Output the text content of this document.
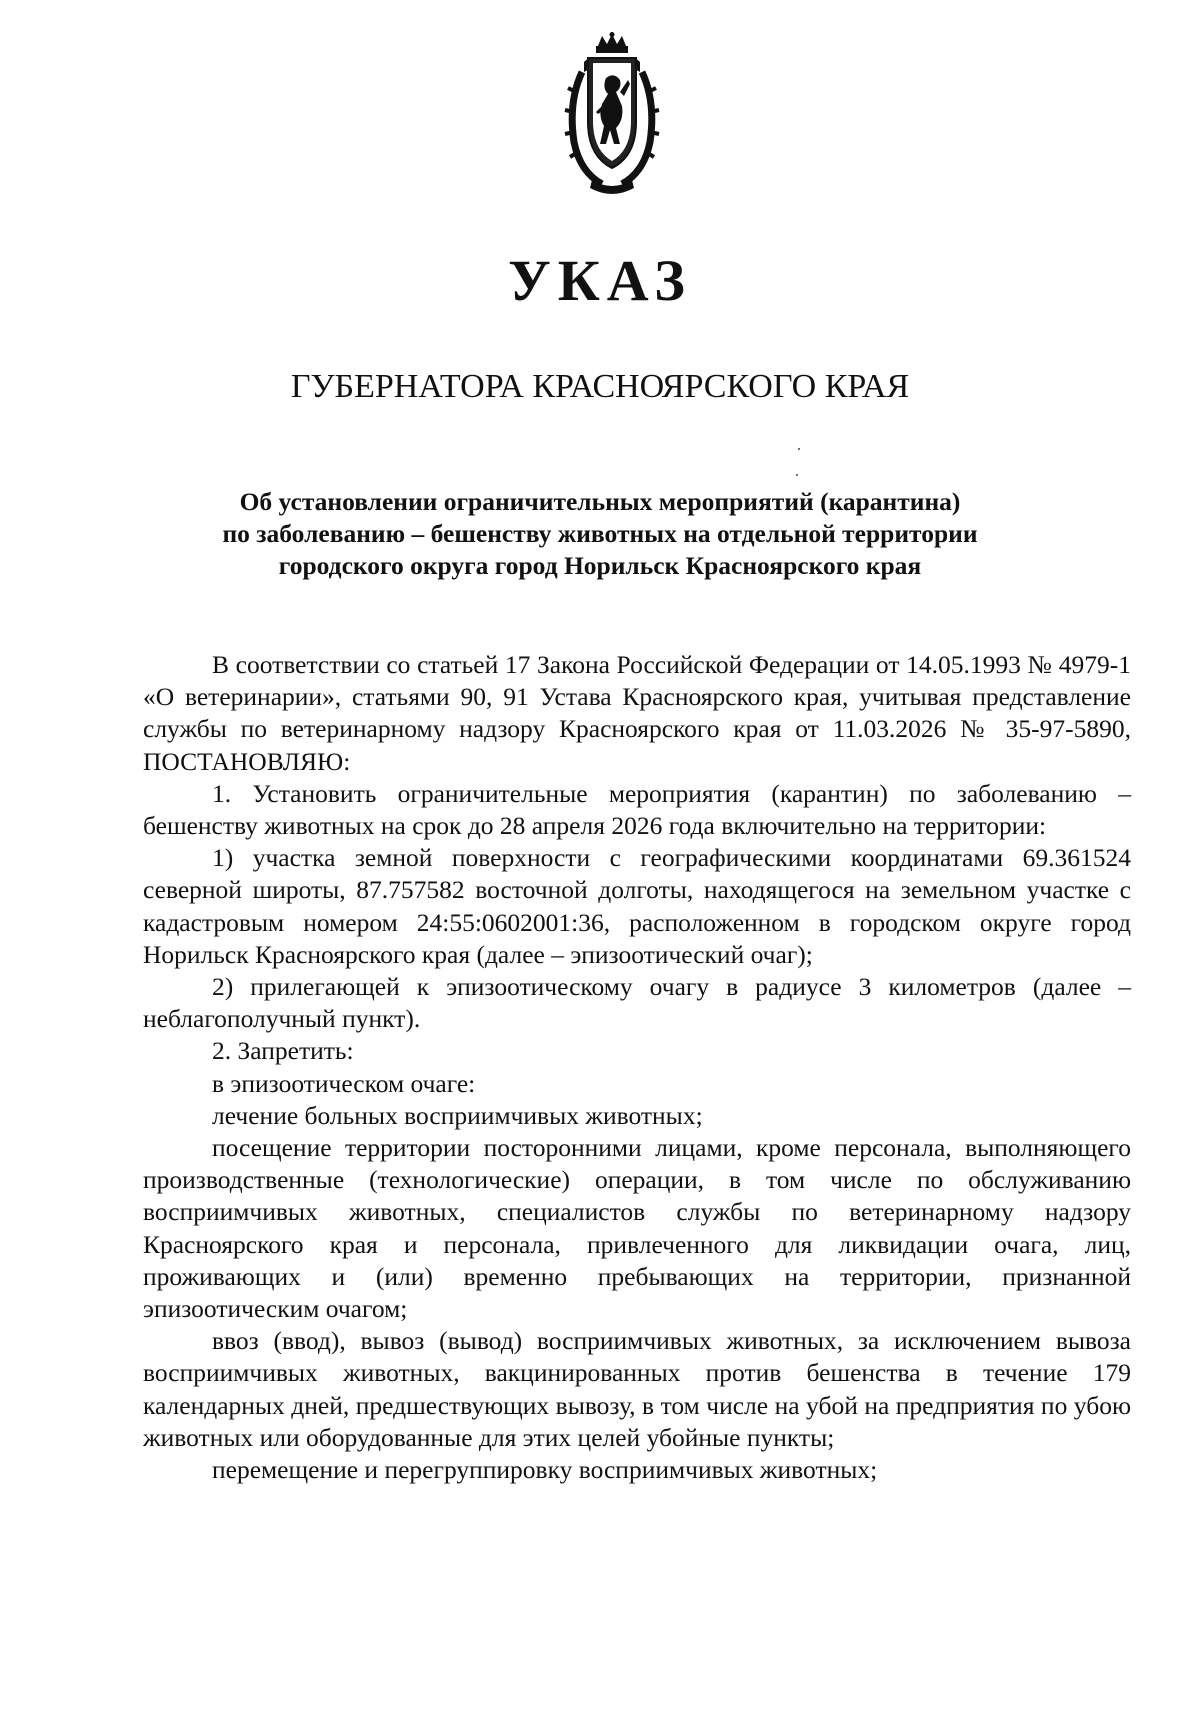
УКАЗ
ГУБЕРНАТОРА КРАСНОЯРСКОГО КРАЯ
Об установлении ограничительных мероприятий (карантина)
по заболеванию – бешенству животных на отдельной территории
городского округа город Норильск Красноярского края

В соответствии со статьей 17 Закона Российской Федерации от 14.05.1993 № 4979-1 «О ветеринарии», статьями 90, 91 Устава Красноярского края, учитывая представление службы по ветеринарному надзору Красноярского края от 11.03.2026 № 35-97-5890, ПОСТАНОВЛЯЮ:

1. Установить ограничительные мероприятия (карантин) по заболеванию – бешенству животных на срок до 28 апреля 2026 года включительно на территории:

1) участка земной поверхности с географическими координатами 69.361524 северной широты, 87.757582 восточной долготы, находящегося на земельном участке с кадастровым номером 24:55:0602001:36, расположенном в городском округе город Норильск Красноярского края (далее – эпизоотический очаг);

2) прилегающей к эпизоотическому очагу в радиусе 3 километров (далее – неблагополучный пункт).

2. Запретить:

в эпизоотическом очаге:

лечение больных восприимчивых животных;

посещение территории посторонними лицами, кроме персонала, выполняющего производственные (технологические) операции, в том числе по обслуживанию восприимчивых животных, специалистов службы по ветеринарному надзору Красноярского края и персонала, привлеченного для ликвидации очага, лиц, проживающих и (или) временно пребывающих на территории, признанной эпизоотическим очагом;

ввоз (ввод), вывоз (вывод) восприимчивых животных, за исключением вывоза восприимчивых животных, вакцинированных против бешенства в течение 179 календарных дней, предшествующих вывозу, в том числе на убой на предприятия по убою животных или оборудованные для этих целей убойные пункты;

перемещение и перегруппировку восприимчивых животных;
